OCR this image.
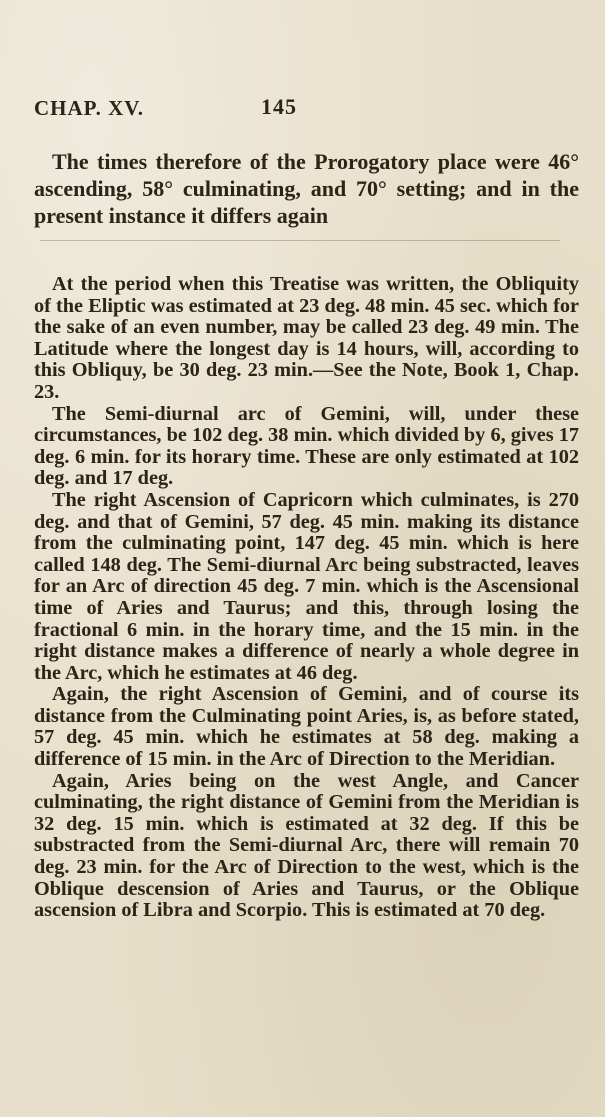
CHAP. XV.	145

The times therefore of the Prorogatory place were 46° ascending, 58° culminating, and 70° setting; and in the present instance it differs again

At the period when this Treatise was written, the Obliquity of the Eliptic was estimated at 23 deg. 48 min. 45 sec. which for the sake of an even number, may be called 23 deg. 49 min. The Latitude where the longest day is 14 hours, will, according to this Obliquy, be 30 deg. 23 min.—See the Note, Book 1, Chap. 23.

The Semi-diurnal arc of Gemini, will, under these circumstances, be 102 deg. 38 min. which divided by 6, gives 17 deg. 6 min. for its horary time. These are only estimated at 102 deg. and 17 deg.

The right Ascension of Capricorn which culminates, is 270 deg. and that of Gemini, 57 deg. 45 min. making its distance from the culminating point, 147 deg. 45 min. which is here called 148 deg. The Semi-diurnal Arc being substracted, leaves for an Arc of direction 45 deg. 7 min. which is the Ascensional time of Aries and Taurus; and this, through losing the fractional 6 min. in the horary time, and the 15 min. in the right distance makes a difference of nearly a whole degree in the Arc, which he estimates at 46 deg.

Again, the right Ascension of Gemini, and of course its distance from the Culminating point Aries, is, as before stated, 57 deg. 45 min. which he estimates at 58 deg. making a difference of 15 min. in the Arc of Direction to the Meridian.

Again, Aries being on the west Angle, and Cancer culminating, the right distance of Gemini from the Meridian is 32 deg. 15 min. which is estimated at 32 deg. If this be substracted from the Semi-diurnal Arc, there will remain 70 deg. 23 min. for the Arc of Direction to the west, which is the Oblique descension of Aries and Taurus, or the Oblique ascension of Libra and Scorpio. This is estimated at 70 deg.
